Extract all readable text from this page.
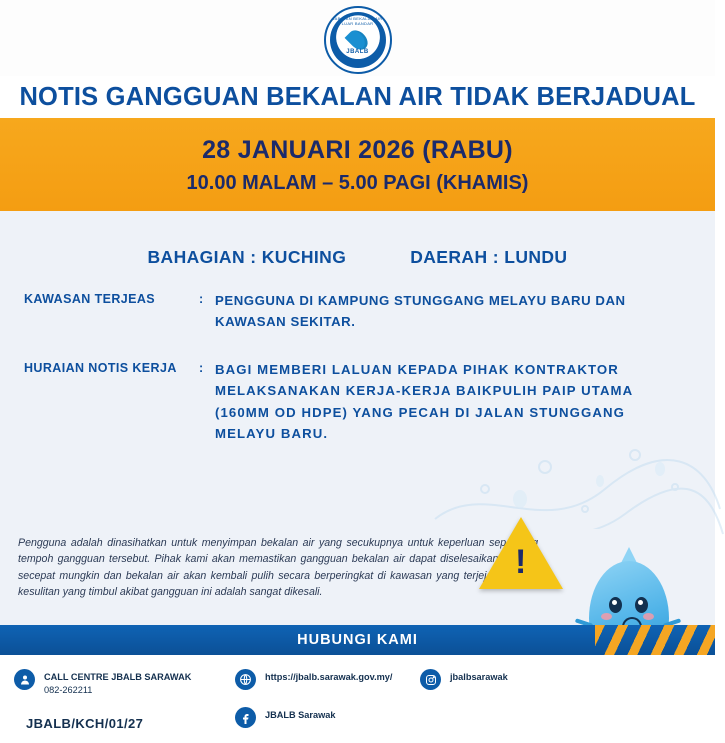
JABATAN BEKALAN AIR LUAR BANDAR
JBALB
NOTIS GANGGUAN BEKALAN AIR TIDAK BERJADUAL
28 JANUARI 2026 (RABU)
10.00 MALAM – 5.00 PAGI (KHAMIS)
BAHAGIAN : KUCHING	DAERAH : LUNDU
KAWASAN TERJEAS	: PENGGUNA DI KAMPUNG STUNGGANG MELAYU BARU DAN KAWASAN SEKITAR.
HURAIAN NOTIS KERJA	: BAGI MEMBERI LALUAN KEPADA PIHAK KONTRAKTOR MELAKSANAKAN KERJA-KERJA BAIKPULIH PAIP UTAMA (160MM OD HDPE) YANG PECAH DI JALAN STUNGGANG MELAYU BARU.
Pengguna adalah dinasihatkan untuk menyimpan bekalan air yang secukupnya untuk keperluan sepanjang tempoh gangguan tersebut. Pihak kami akan memastikan gangguan bekalan air dapat diselesaikan dengan secepat mungkin dan bekalan air akan kembali pulih secara berperingkat di kawasan yang terjejas. Segala kesulitan yang timbul akibat gangguan ini adalah sangat dikesali.
!
HUBUNGI KAMI
CALL CENTRE JBALB SARAWAK
082-262211
https://jbalb.sarawak.gov.my/	jbalbsarawak
JBALB Sarawak
JBALB/KCH/01/27
